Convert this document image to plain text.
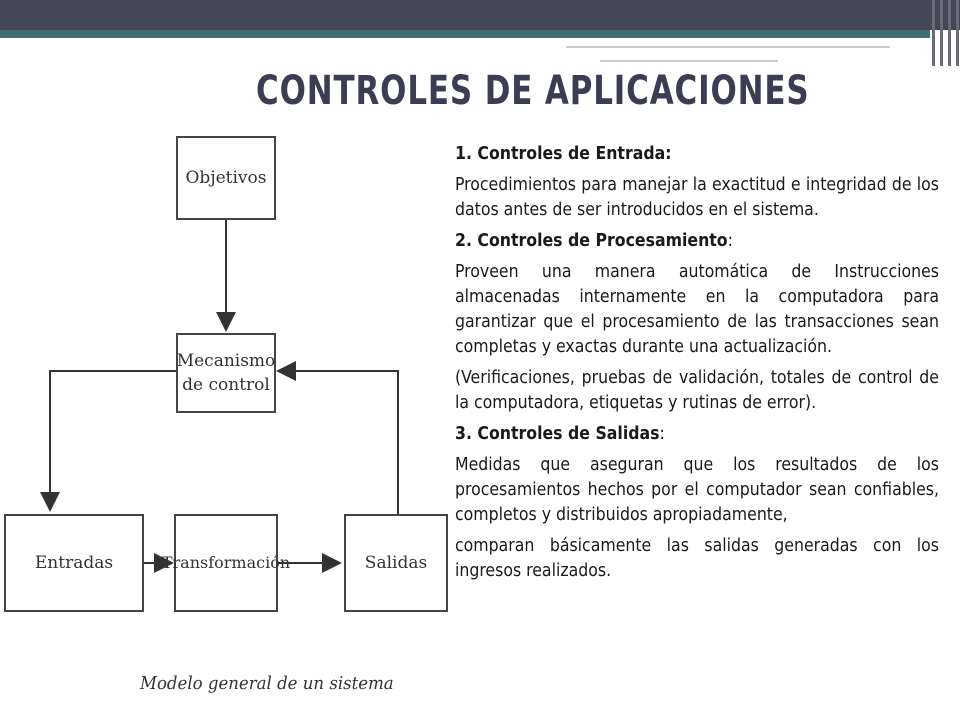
CONTROLES DE APLICACIONES
Objetivos
Mecanismo
de control
Entradas	Transformación	Salidas
Modelo general de un sistema

1. Controles de Entrada:

Procedimientos para manejar la exactitud e integridad de los datos antes de ser introducidos en el sistema.

2. Controles de Procesamiento:

Proveen una manera automática de Instrucciones almacenadas internamente en la computadora para garantizar que el procesamiento de las transacciones sean completas y exactas durante una actualización.

(Verificaciones, pruebas de validación, totales de control de la computadora, etiquetas y rutinas de error).

3. Controles de Salidas:

Medidas que aseguran que los resultados de los procesamientos hechos por el computador sean confiables, completos y distribuidos apropiadamente,

comparan básicamente las salidas generadas con los ingresos realizados.
